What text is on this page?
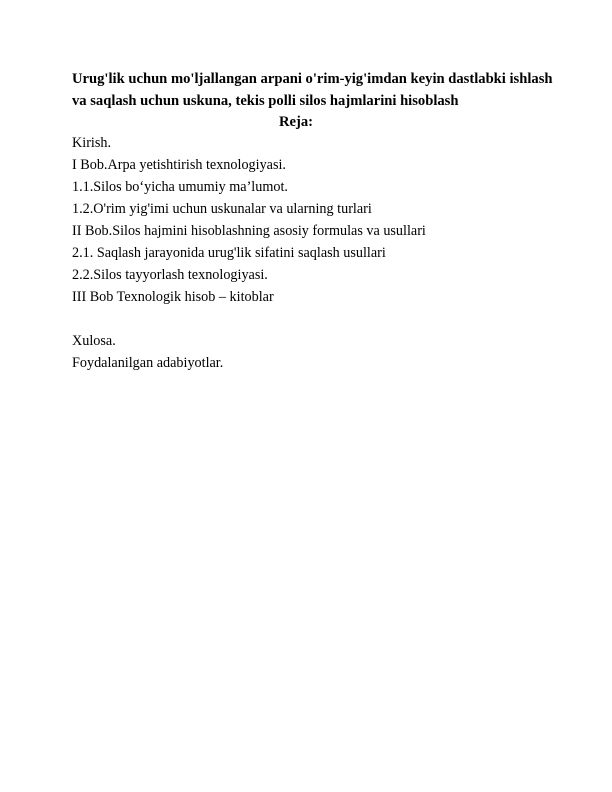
Urug'lik uchun mo'ljallangan arpani o'rim-yig'imdan keyin dastlabki ishlash
va saqlash uchun uskuna, tekis polli silos hajmlarini hisoblash
Reja:
Kirish.
I Bob.Arpa yetishtirish texnologiyasi.
1.1.Silos bo‘yicha umumiy ma’lumot.
1.2.O'rim yig'imi uchun uskunalar va ularning turlari
II Bob.Silos hajmini hisoblashning asosiy formulas va usullari
2.1. Saqlash jarayonida urug'lik sifatini saqlash usullari
2.2.Silos tayyorlash texnologiyasi.
III Bob Texnologik hisob – kitoblar
Xulosa.
Foydalanilgan adabiyotlar.
